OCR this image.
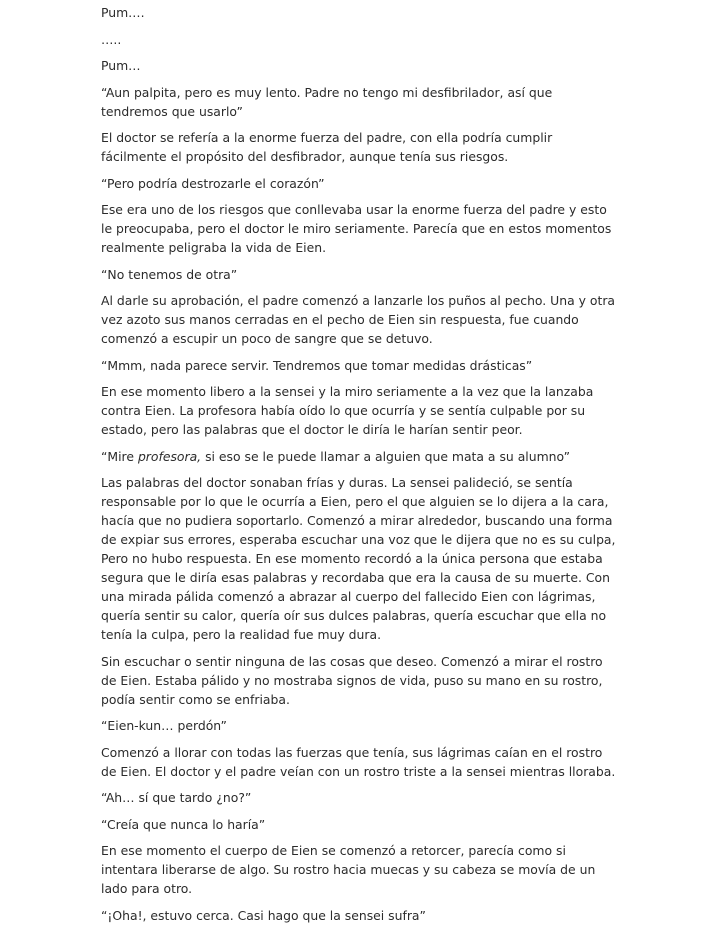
Pum….

…..

Pum…

“Aun palpita, pero es muy lento. Padre no tengo mi desfibrilador, así que tendremos que usarlo”

El doctor se refería a la enorme fuerza del padre, con ella podría cumplir fácilmente el propósito del desfibrador, aunque tenía sus riesgos.

“Pero podría destrozarle el corazón”

Ese era uno de los riesgos que conllevaba usar la enorme fuerza del padre y esto le preocupaba, pero el doctor le miro seriamente. Parecía que en estos momentos realmente peligraba la vida de Eien.

“No tenemos de otra”

Al darle su aprobación, el padre comenzó a lanzarle los puños al pecho. Una y otra vez azoto sus manos cerradas en el pecho de Eien sin respuesta, fue cuando comenzó a escupir un poco de sangre que se detuvo.

“Mmm, nada parece servir. Tendremos que tomar medidas drásticas”

En ese momento libero a la sensei y la miro seriamente a la vez que la lanzaba contra Eien. La profesora había oído lo que ocurría y se sentía culpable por su estado, pero las palabras que el doctor le diría le harían sentir peor.

“Mire profesora, si eso se le puede llamar a alguien que mata a su alumno”

Las palabras del doctor sonaban frías y duras. La sensei palideció, se sentía responsable por lo que le ocurría a Eien, pero el que alguien se lo dijera a la cara, hacía que no pudiera soportarlo. Comenzó a mirar alrededor, buscando una forma de expiar sus errores, esperaba escuchar una voz que le dijera que no es su culpa, Pero no hubo respuesta. En ese momento recordó a la única persona que estaba segura que le diría esas palabras y recordaba que era la causa de su muerte. Con una mirada pálida comenzó a abrazar al cuerpo del fallecido Eien con lágrimas, quería sentir su calor, quería oír sus dulces palabras, quería escuchar que ella no tenía la culpa, pero la realidad fue muy dura.

Sin escuchar o sentir ninguna de las cosas que deseo. Comenzó a mirar el rostro de Eien. Estaba pálido y no mostraba signos de vida, puso su mano en su rostro, podía sentir como se enfriaba.

“Eien-kun… perdón”

Comenzó a llorar con todas las fuerzas que tenía, sus lágrimas caían en el rostro de Eien. El doctor y el padre veían con un rostro triste a la sensei mientras lloraba.

“Ah… sí que tardo ¿no?”

“Creía que nunca lo haría”

En ese momento el cuerpo de Eien se comenzó a retorcer, parecía como si intentara liberarse de algo. Su rostro hacia muecas y su cabeza se movía de un lado para otro.

“¡Oha!, estuvo cerca. Casi hago que la sensei sufra”
